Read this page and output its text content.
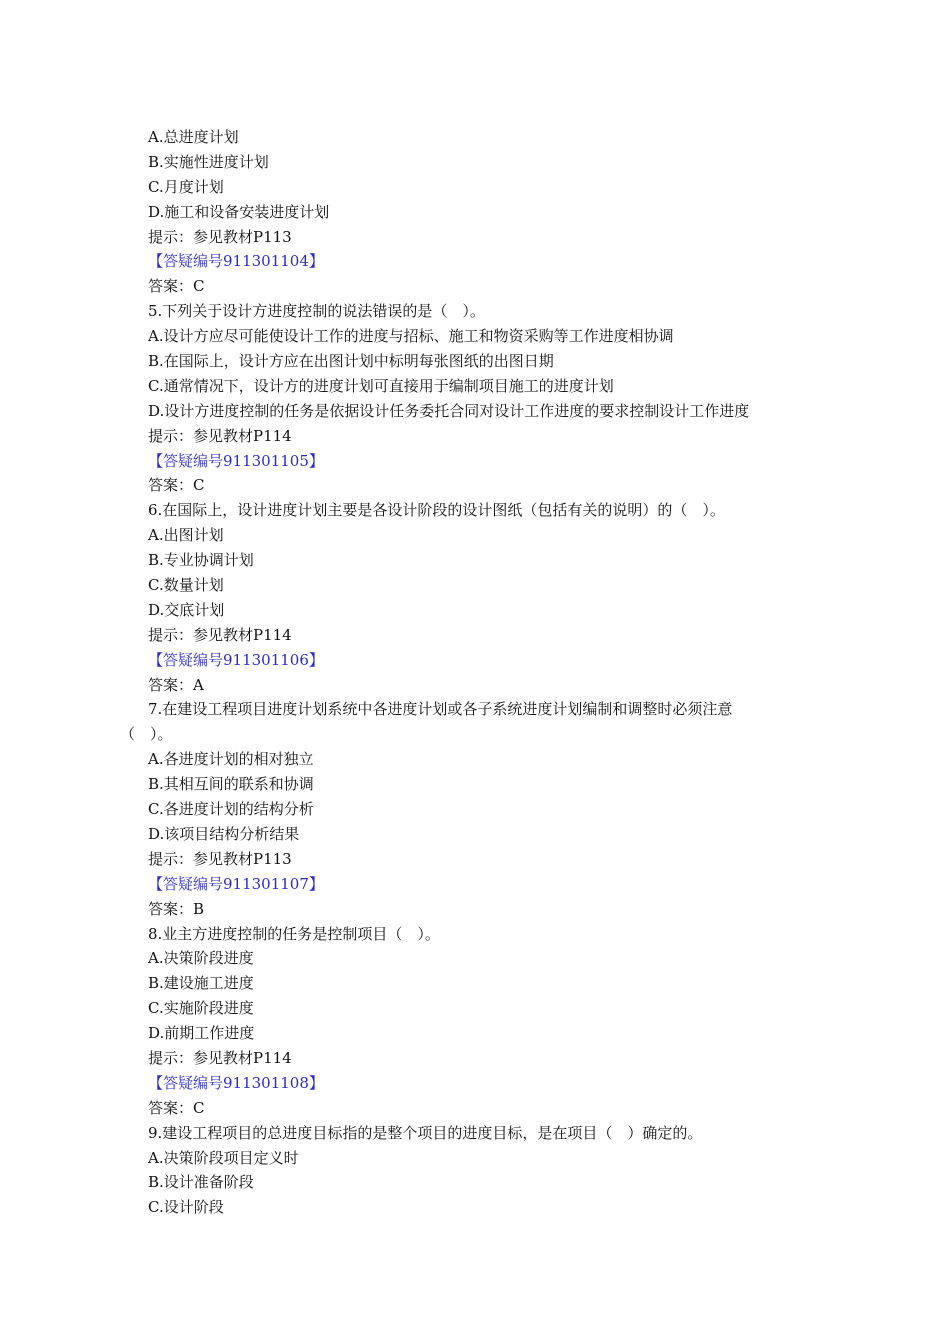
A.总进度计划
B.实施性进度计划
C.月度计划
D.施工和设备安装进度计划
提示：参见教材P113
【答疑编号911301104】
答案：C
5.下列关于设计方进度控制的说法错误的是（　）。
A.设计方应尽可能使设计工作的进度与招标、施工和物资采购等工作进度相协调
B.在国际上，设计方应在出图计划中标明每张图纸的出图日期
C.通常情况下，设计方的进度计划可直接用于编制项目施工的进度计划
D.设计方进度控制的任务是依据设计任务委托合同对设计工作进度的要求控制设计工作进度
提示：参见教材P114
【答疑编号911301105】
答案：C
6.在国际上，设计进度计划主要是各设计阶段的设计图纸（包括有关的说明）的（　）。
A.出图计划
B.专业协调计划
C.数量计划
D.交底计划
提示：参见教材P114
【答疑编号911301106】
答案：A
7.在建设工程项目进度计划系统中各进度计划或各子系统进度计划编制和调整时必须注意
（　）。
A.各进度计划的相对独立
B.其相互间的联系和协调
C.各进度计划的结构分析
D.该项目结构分析结果
提示：参见教材P113
【答疑编号911301107】
答案：B
8.业主方进度控制的任务是控制项目（　）。
A.决策阶段进度
B.建设施工进度
C.实施阶段进度
D.前期工作进度
提示：参见教材P114
【答疑编号911301108】
答案：C
9.建设工程项目的总进度目标指的是整个项目的进度目标，是在项目（　）确定的。
A.决策阶段项目定义时
B.设计准备阶段
C.设计阶段
